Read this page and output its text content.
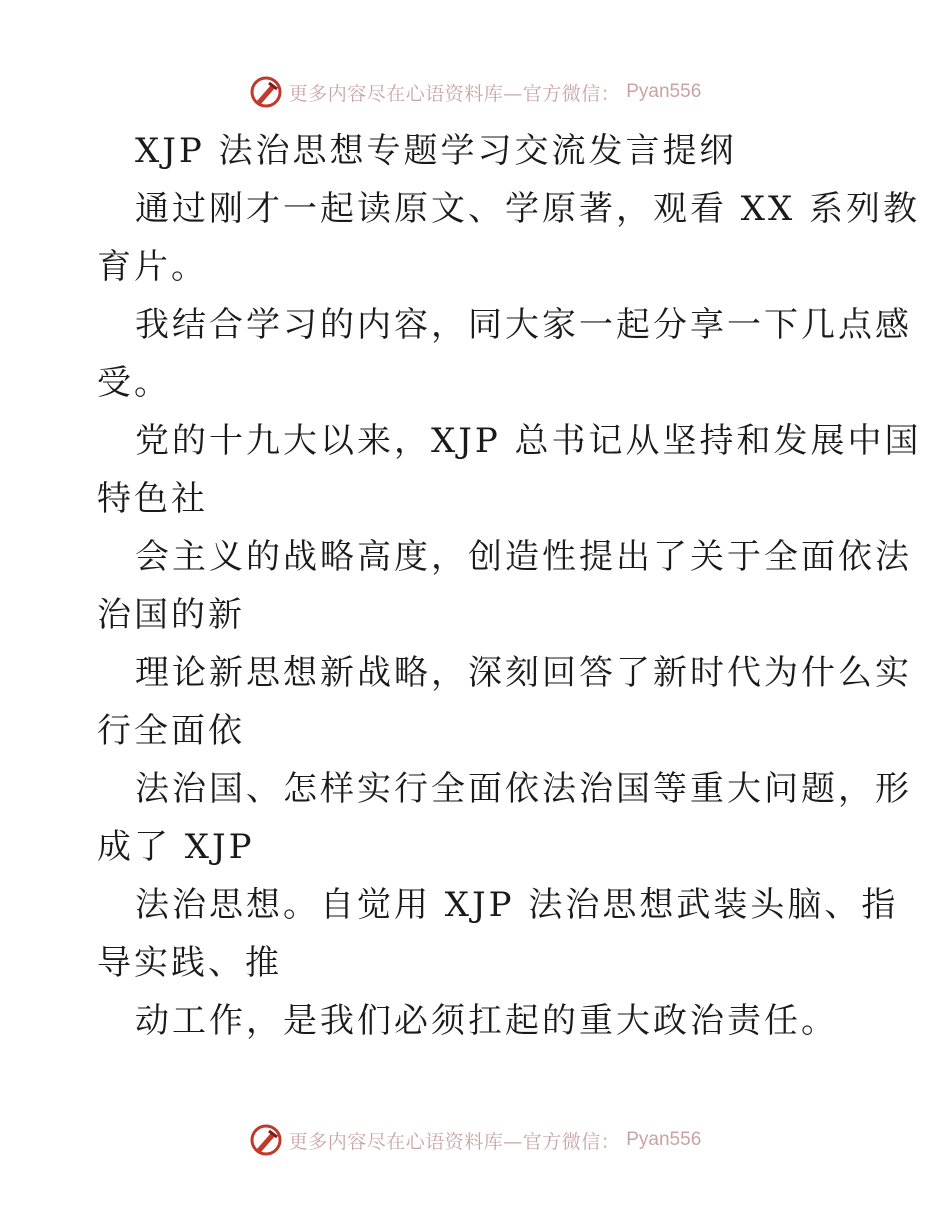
更多内容尽在心语资料库—官方微信： Pyan556
XJP 法治思想专题学习交流发言提纲
通过刚才一起读原文、学原著，观看 XX 系列教
育片。
我结合学习的内容，同大家一起分享一下几点感
受。
党的十九大以来，XJP 总书记从坚持和发展中国
特色社
会主义的战略高度，创造性提出了关于全面依法
治国的新
理论新思想新战略，深刻回答了新时代为什么实
行全面依
法治国、怎样实行全面依法治国等重大问题，形
成了 XJP
法治思想。自觉用 XJP 法治思想武装头脑、指
导实践、推
动工作，是我们必须扛起的重大政治责任。
更多内容尽在心语资料库—官方微信： Pyan556
